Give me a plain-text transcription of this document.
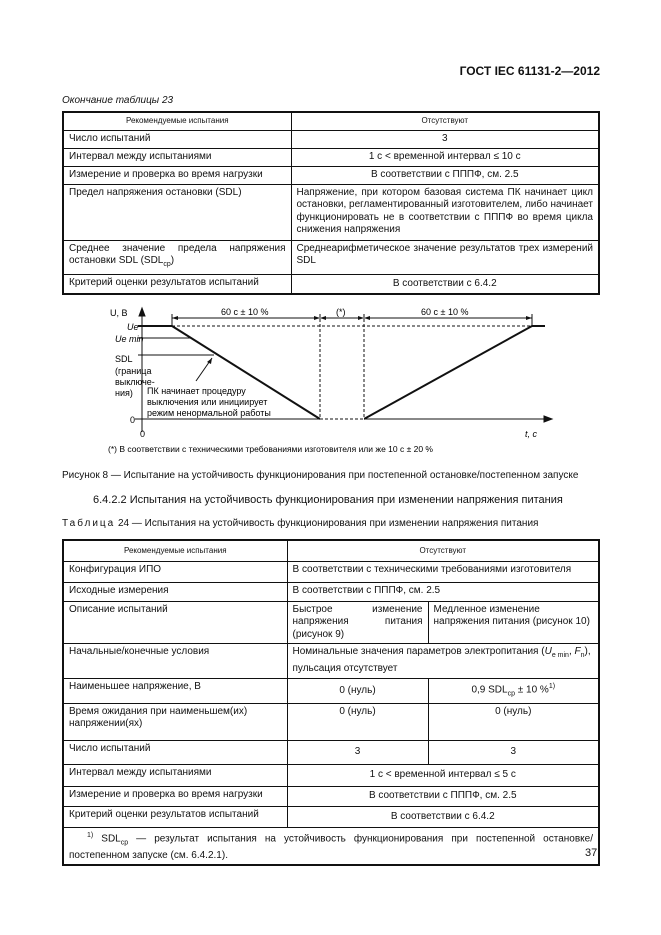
ГОСТ IEC 61131-2—2012
Окончание таблицы 23
Рекомендуемые испытания	Отсутствуют
Число испытаний	3
Интервал между испытаниями	1 с < временной интервал ≤ 10 с
Измерение и проверка во время нагрузки	В соответствии с ПППФ, см. 2.5
Предел напряжения остановки (SDL)	Напряжение, при котором базовая система ПК начинает цикл остановки, регламентированный изготовителем, либо начинает функционировать не в соответствии с ПППФ во время цикла снижения напряжения
Среднее значение предела напряжения остановки SDL $(SDL_{ср})$	Среднеарифметическое значение результатов трех измерений SDL
Критерий оценки результатов испытаний	В соответствии с 6.4.2
U, В
Ue
Ue min
SDL
(граница
выключе-
ния)
0
0	t, с
60 с ± 10 %	(*)	60 с ± 10 %
ПК начинает процедуру
выключения или инициирует
режим ненормальной работы
(*) В соответствии с техническими требованиями изготовителя или же 10 с ± 20 %
Рисунок 8 — Испытание на устойчивость функционирования при постепенной остановке/постепенном запуске
6.4.2.2 Испытания на устойчивость функционирования при изменении напряжения питания
Таблица 24 — Испытания на устойчивость функционирования при изменении напряжения питания
Рекомендуемые испытания	Отсутствуют	
Конфигурация ИПО	В соответствии с техническими требованиями изготовителя	
Исходные измерения	В соответствии с ПППФ, см. 2.5	
Описание испытаний	Быстрое изменение напряжения питания (рисунок 9)	Медленное изменение напряжения питания (рисунок 10)
Начальные/конечные условия	Номинальные значения параметров электропитания ($U_{e min}$, $F_n$),
пульсация отсутствует	
Наименьшее напряжение, В	0 (нуль)	0,9 $SDL_{ср} \pm 10$ %$^{1)}$
Время ожидания при наименьшем(их) напряжении(ях)	0 (нуль)	0 (нуль)
Число испытаний	3	3
Интервал между испытаниями	1 с < временной интервал ≤ 5 с	
Измерение и проверка во время нагрузки	В соответствии с ПППФ, см. 2.5	
Критерий оценки результатов испытаний	В соответствии с 6.4.2	
$^{1)}$ $SDL_{ср}$ — результат испытания на устойчивость функционирования при постепенной остановке/постепенном запуске (см. 6.4.2.1).			37
